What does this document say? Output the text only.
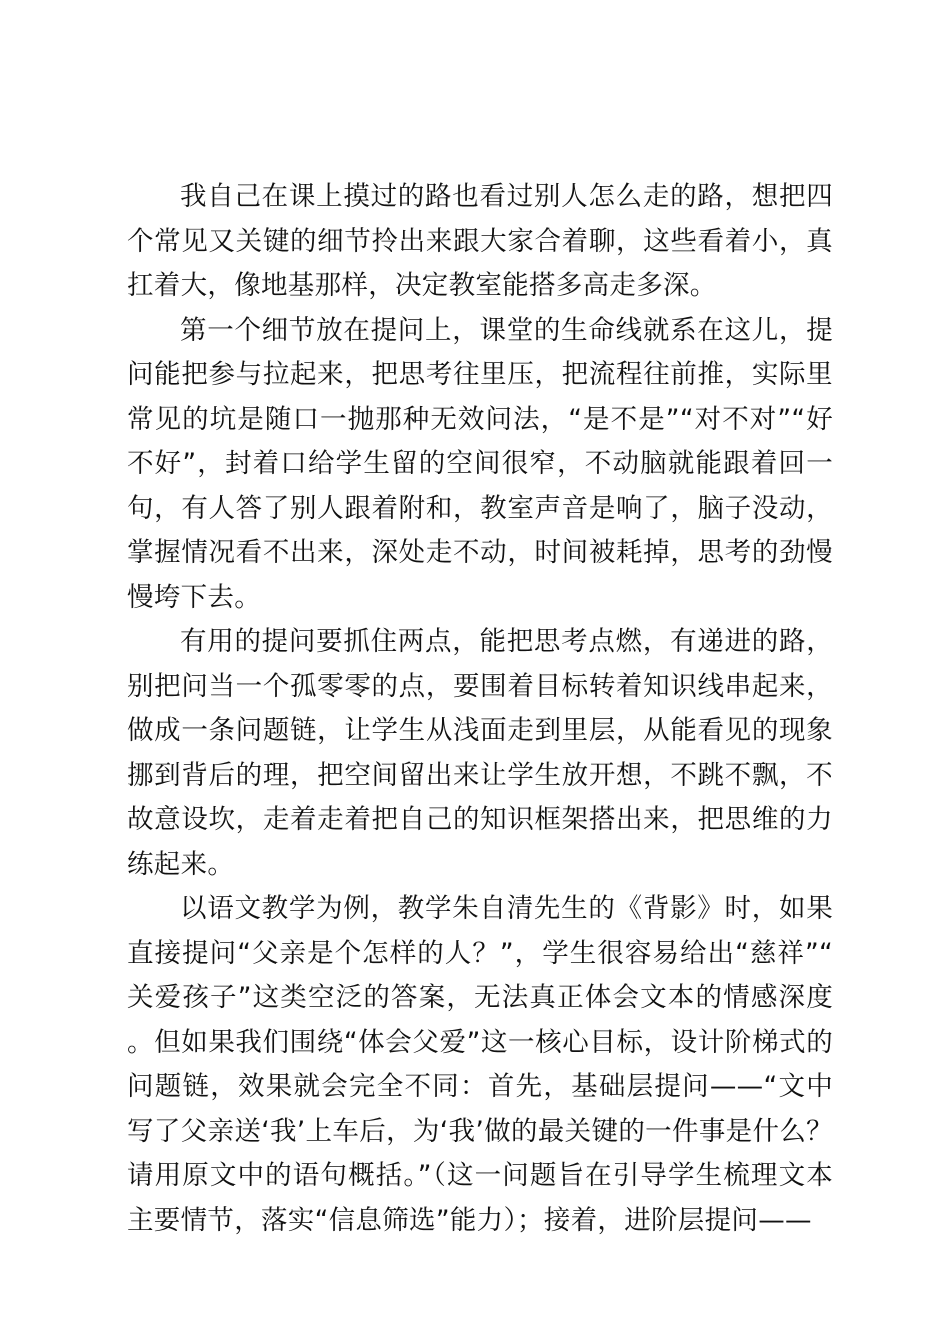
我自己在课上摸过的路也看过别人怎么走的路，想把四个常见又关键的细节拎出来跟大家合着聊，这些看着小，真扛着大，像地基那样，决定教室能搭多高走多深。

第一个细节放在提问上，课堂的生命线就系在这儿，提问能把参与拉起来，把思考往里压，把流程往前推，实际里常见的坑是随口一抛那种无效问法，“是不是”“对不对”“好不好”，封着口给学生留的空间很窄，不动脑就能跟着回一句，有人答了别人跟着附和，教室声音是响了，脑子没动，掌握情况看不出来，深处走不动，时间被耗掉，思考的劲慢慢垮下去。

有用的提问要抓住两点，能把思考点燃，有递进的路，别把问当一个孤零零的点，要围着目标转着知识线串起来，做成一条问题链，让学生从浅面走到里层，从能看见的现象挪到背后的理，把空间留出来让学生放开想，不跳不飘，不故意设坎，走着走着把自己的知识框架搭出来，把思维的力练起来。

以语文教学为例，教学朱自清先生的《背影》时，如果直接提问“父亲是个怎样的人？”，学生很容易给出“慈祥”“关爱孩子”这类空泛的答案，无法真正体会文本的情感深度。但如果我们围绕“体会父爱”这一核心目标，设计阶梯式的问题链，效果就会完全不同：首先，基础层提问——“文中写了父亲送‘我’上车后，为‘我’做的最关键的一件事是什么？请用原文中的语句概括。”（这一问题旨在引导学生梳理文本主要情节，落实“信息筛选”能力）；接着，进阶层提问——
